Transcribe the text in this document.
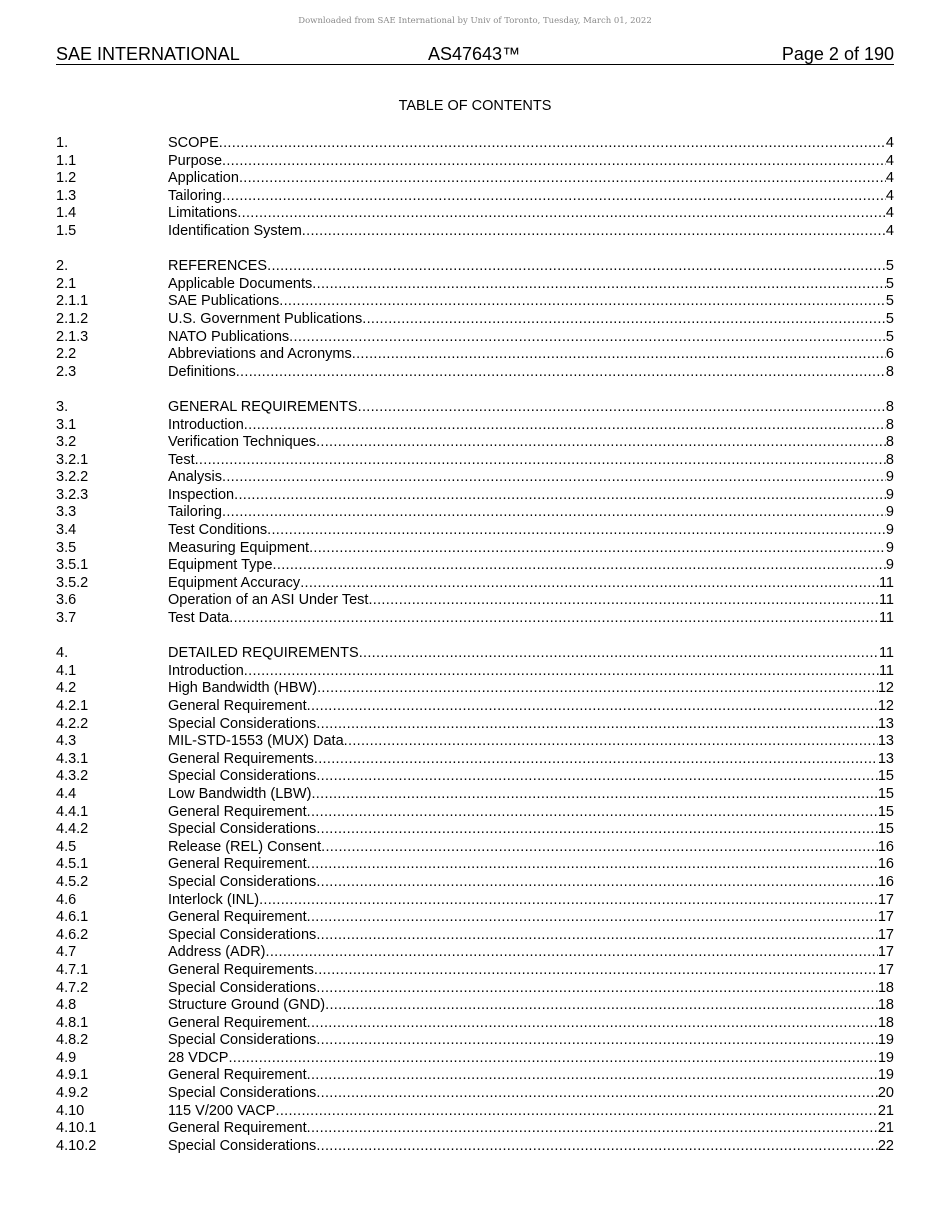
Downloaded from SAE International by Univ of Toronto, Tuesday, March 01, 2022
SAE INTERNATIONAL	AS47643™	Page 2 of 190
TABLE OF CONTENTS
1.	SCOPE .....	4
1.1	Purpose .....	4
1.2	Application .....	4
1.3	Tailoring .....	4
1.4	Limitations .....	4
1.5	Identification System .....	4
2.	REFERENCES .....	5
2.1	Applicable Documents .....	5
2.1.1	SAE Publications .....	5
2.1.2	U.S. Government Publications .....	5
2.1.3	NATO Publications .....	5
2.2	Abbreviations and Acronyms .....	6
2.3	Definitions .....	8
3.	GENERAL REQUIREMENTS .....	8
3.1	Introduction .....	8
3.2	Verification Techniques .....	8
3.2.1	Test .....	8
3.2.2	Analysis .....	9
3.2.3	Inspection .....	9
3.3	Tailoring .....	9
3.4	Test Conditions .....	9
3.5	Measuring Equipment .....	9
3.5.1	Equipment Type .....	9
3.5.2	Equipment Accuracy .....	11
3.6	Operation of an ASI Under Test .....	11
3.7	Test Data .....	11
4.	DETAILED REQUIREMENTS .....	11
4.1	Introduction .....	11
4.2	High Bandwidth (HBW) .....	12
4.2.1	General Requirement .....	12
4.2.2	Special Considerations .....	13
4.3	MIL-STD-1553 (MUX) Data .....	13
4.3.1	General Requirements .....	13
4.3.2	Special Considerations .....	15
4.4	Low Bandwidth (LBW) .....	15
4.4.1	General Requirement .....	15
4.4.2	Special Considerations .....	15
4.5	Release (REL) Consent .....	16
4.5.1	General Requirement .....	16
4.5.2	Special Considerations .....	16
4.6	Interlock (INL) .....	17
4.6.1	General Requirement .....	17
4.6.2	Special Considerations .....	17
4.7	Address (ADR) .....	17
4.7.1	General Requirements .....	17
4.7.2	Special Considerations .....	18
4.8	Structure Ground (GND) .....	18
4.8.1	General Requirement .....	18
4.8.2	Special Considerations .....	19
4.9	28 VDCP .....	19
4.9.1	General Requirement .....	19
4.9.2	Special Considerations .....	20
4.10	115 V/200 VACP .....	21
4.10.1	General Requirement .....	21
4.10.2	Special Considerations .....	22
